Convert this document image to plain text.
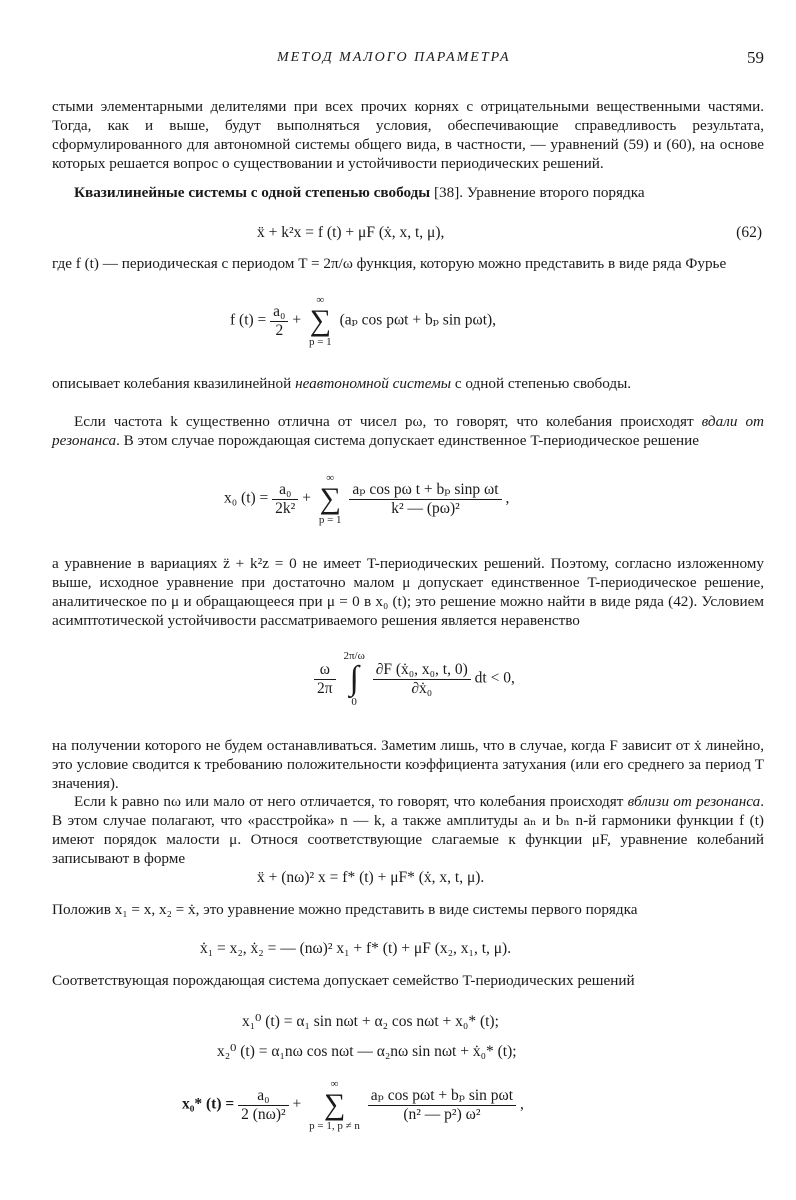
МЕТОД МАЛОГО ПАРАМЕТРА	59

стыми элементарными делителями при всех прочих корнях с отрицательными вещественными частями. Тогда, как и выше, будут выполняться условия, обеспечивающие справедливость результата, сформулированного для автономной системы общего вида, в частности, — уравнений (59) и (60), на основе которых решается вопрос о существовании и устойчивости периодических решений.

Квазилинейные системы с одной степенью свободы [38]. Уравнение второго порядка

ẍ + k²x = f (t) + μF (ẋ, x, t, μ),	(62)

где f (t) — периодическая с периодом T = 2π/ω функция, которую можно представить в виде ряда Фурье

f $(t) = \frac{\text{a₀}}{2}$ +
∞
∑
p = 1
(aₚ cos pωt + bₚ sin pωt),

описывает колебания квазилинейной неавтономной системы с одной степенью свободы.

Если частота k существенно отлична от чисел pω, то говорят, что колебания происходят вдали от резонанса. В этом случае порождающая система допускает единственное T-периодическое решение

x₀ $(t) = \frac{\text{a₀}}{\text{2k²}}$ +
∞
∑
p = 1

$\frac{\text{aₚ cos pω t + bₚ sinp ωt}}{\text{k² — (pω)²}}$ ,

а уравнение в вариациях z̈ + k²z = 0 не имеет T-периодических решений. Поэтому, согласно изложенному выше, исходное уравнение при достаточно малом μ допускает единственное T-периодическое решение, аналитическое по μ и обращающееся при μ = 0 в x₀ (t); это решение можно найти в виде ряда (42). Условием асимптотической устойчивости рассматриваемого решения является неравенство

$\frac{\omega}{2\pi}$

2π/ω
∫
0

$\frac{\text{∂F (ẋ₀, x₀, t, 0)}}{\text{∂ẋ₀}}$ dt < 0,

на получении которого не будем останавливаться. Заметим лишь, что в случае, когда F зависит от ẋ линейно, это условие сводится к требованию положительности коэффициента затухания (или его среднего за период T значения).

Если k равно nω или мало от него отличается, то говорят, что колебания происходят вблизи от резонанса. В этом случае полагают, что «расстройка» n — k, а также амплитуды aₙ и bₙ n-й гармоники функции f (t) имеют порядок малости μ. Относя соответствующие слагаемые к функции μF, уравнение колебаний записывают в форме

ẍ + (nω)² x = f* (t) + μF* (ẋ, x, t, μ).

Положив x₁ = x, x₂ = ẋ, это уравнение можно представить в виде системы первого порядка

ẋ₁ = x₂, ẋ₂ = — (nω)² x₁ + f* (t) + μF (x₂, x₁, t, μ).

Соответствующая порождающая система допускает семейство T-периодических решений

x₁⁰ (t) = α₁ sin nωt + α₂ cos nωt + x₀* (t);
x₂⁰ (t) = α₁nω cos nωt — α₂nω sin nωt + ẋ₀* (t);
x₀* $(t) = \frac{\text{a₀}}{\text{2 (nω)²}}$ +
∞
∑
p = 1, p ≠ n

$\frac{\text{aₚ cos pωt + bₚ sin pωt}}{\text{(n² — p²) ω²}}$ ,
